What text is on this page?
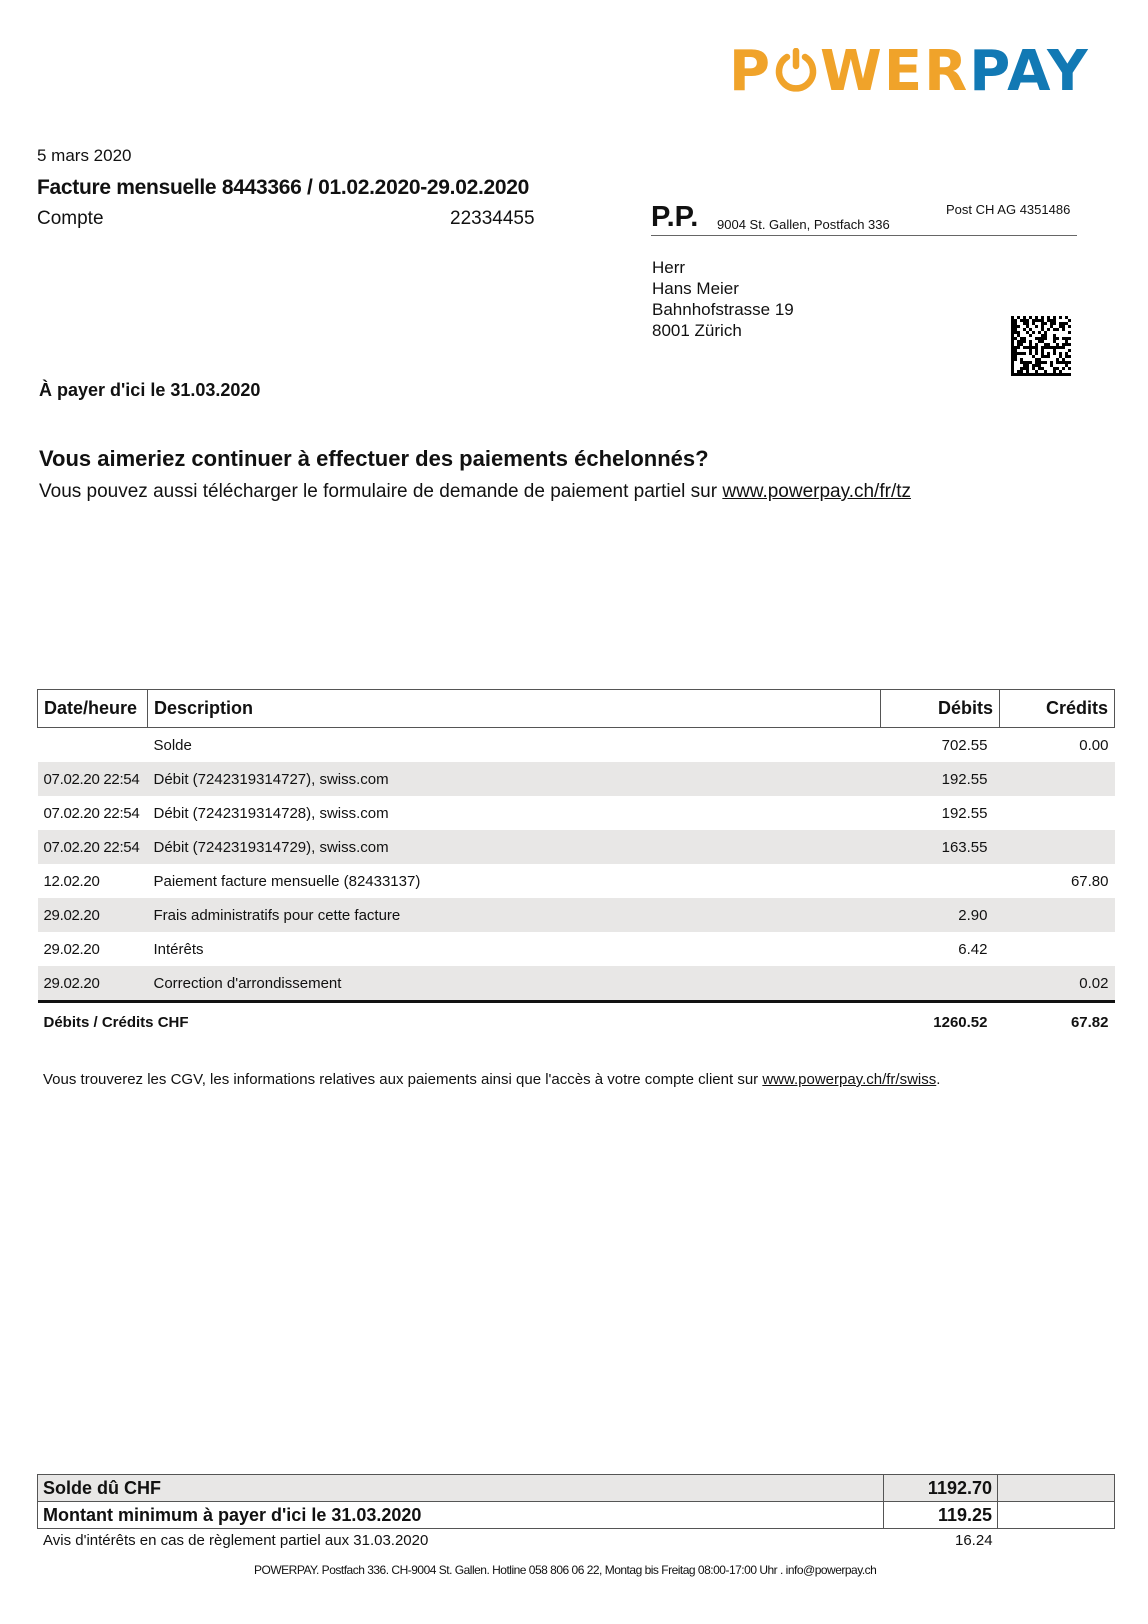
P WERPAY
5 mars 2020
Facture mensuelle 8443366 / 01.02.2020-29.02.2020
Compte	22334455	P.P. 9004 St. Gallen, Postfach 336
Post CH AG 4351486
Herr
Hans Meier
Bahnhofstrasse 19
8001 Zürich
À payer d'ici le 31.03.2020
Vous aimeriez continuer à effectuer des paiements échelonnés?
Vous pouvez aussi télécharger le formulaire de demande de paiement partiel sur www.powerpay.ch/fr/tz
Date/heure	Description	Débits	Crédits
	Solde	702.55	0.00
07.02.20 22:54	Débit (7242319314727), swiss.com	192.55	
07.02.20 22:54	Débit (7242319314728), swiss.com	192.55	
07.02.20 22:54	Débit (7242319314729), swiss.com	163.55	
12.02.20	Paiement facture mensuelle (82433137)		67.80
29.02.20	Frais administratifs pour cette facture	2.90	
29.02.20	Intérêts	6.42	
29.02.20	Correction d'arrondissement		0.02
Débits / Crédits CHF		1260.52	67.82
Vous trouverez les CGV, les informations relatives aux paiements ainsi que l'accès à votre compte client sur www.powerpay.ch/fr/swiss.
Solde dû CHF	1192.70	
Montant minimum à payer d'ici le 31.03.2020	119.25	
Avis d'intérêts en cas de règlement partiel aux 31.03.2020	16.24
POWERPAY. Postfach 336. CH-9004 St. Gallen. Hotline 058 806 06 22, Montag bis Freitag 08:00-17:00 Uhr . info@powerpay.ch
